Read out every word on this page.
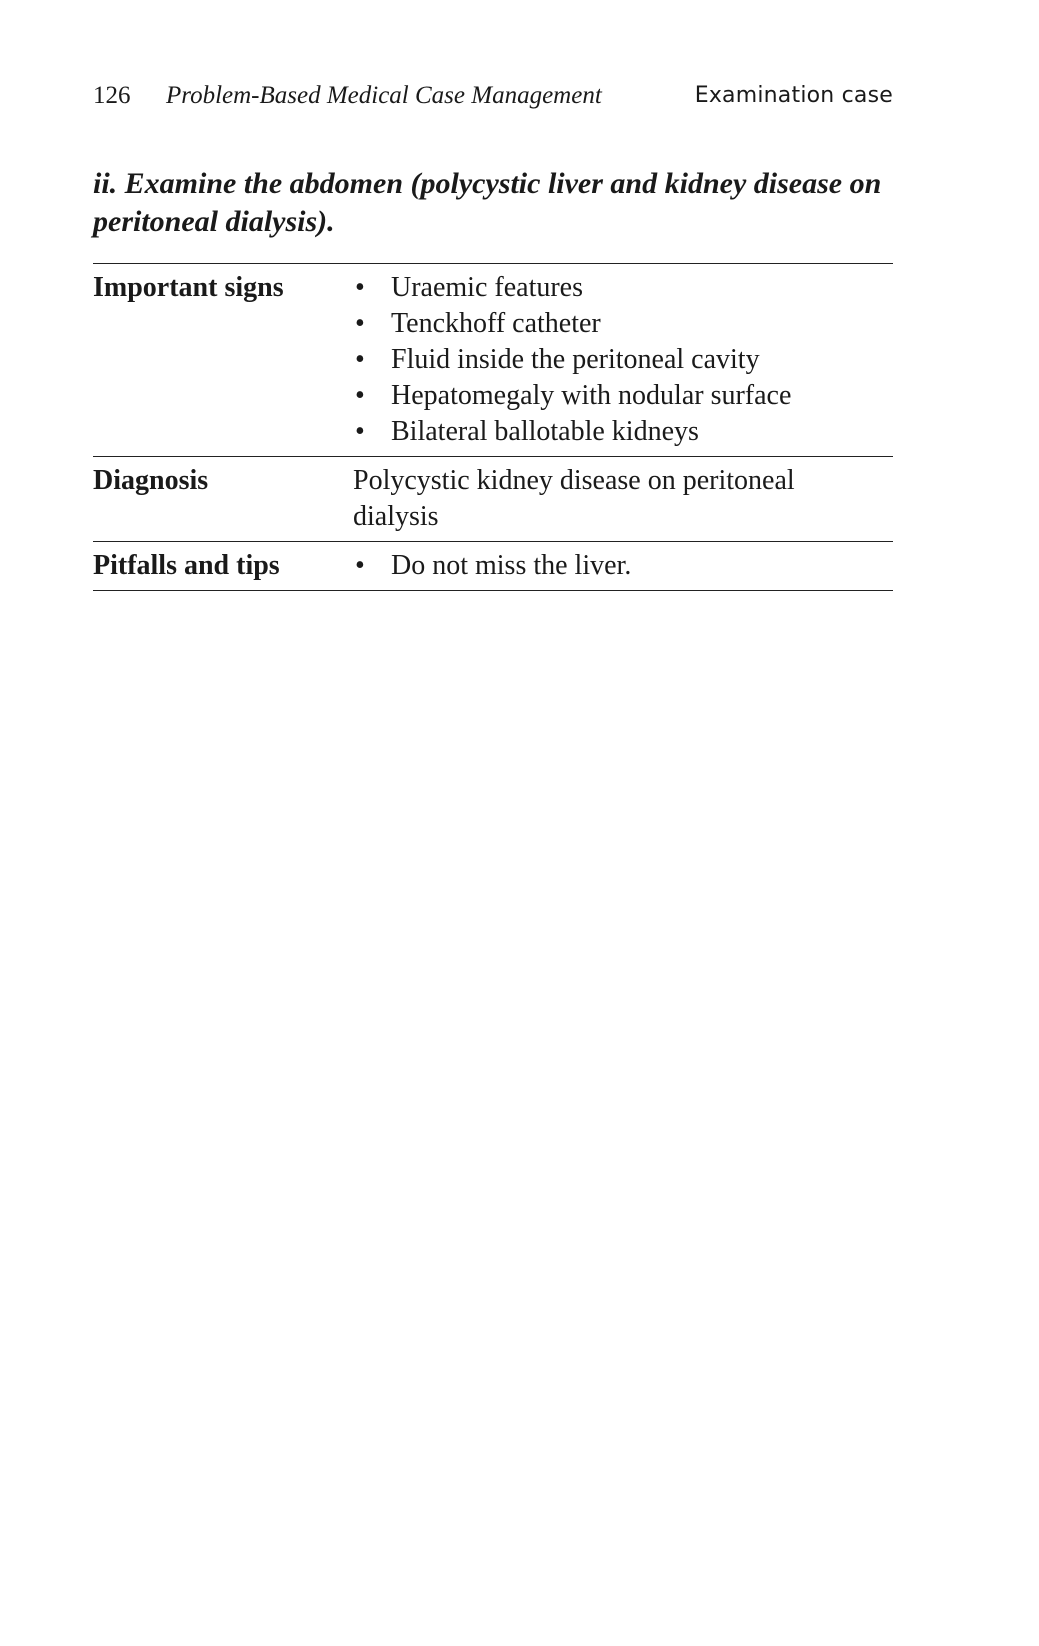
126 Problem-Based Medical Case Management	Examination case
ii. Examine the abdomen (polycystic liver and kidney disease on peritoneal dialysis).
Important signs	• Uraemic features
• Tenckhoff catheter
• Fluid inside the peritoneal cavity
• Hepatomegaly with nodular surface
• Bilateral ballotable kidneys
Diagnosis	Polycystic kidney disease on peritoneal dialysis
Pitfalls and tips	• Do not miss the liver.
